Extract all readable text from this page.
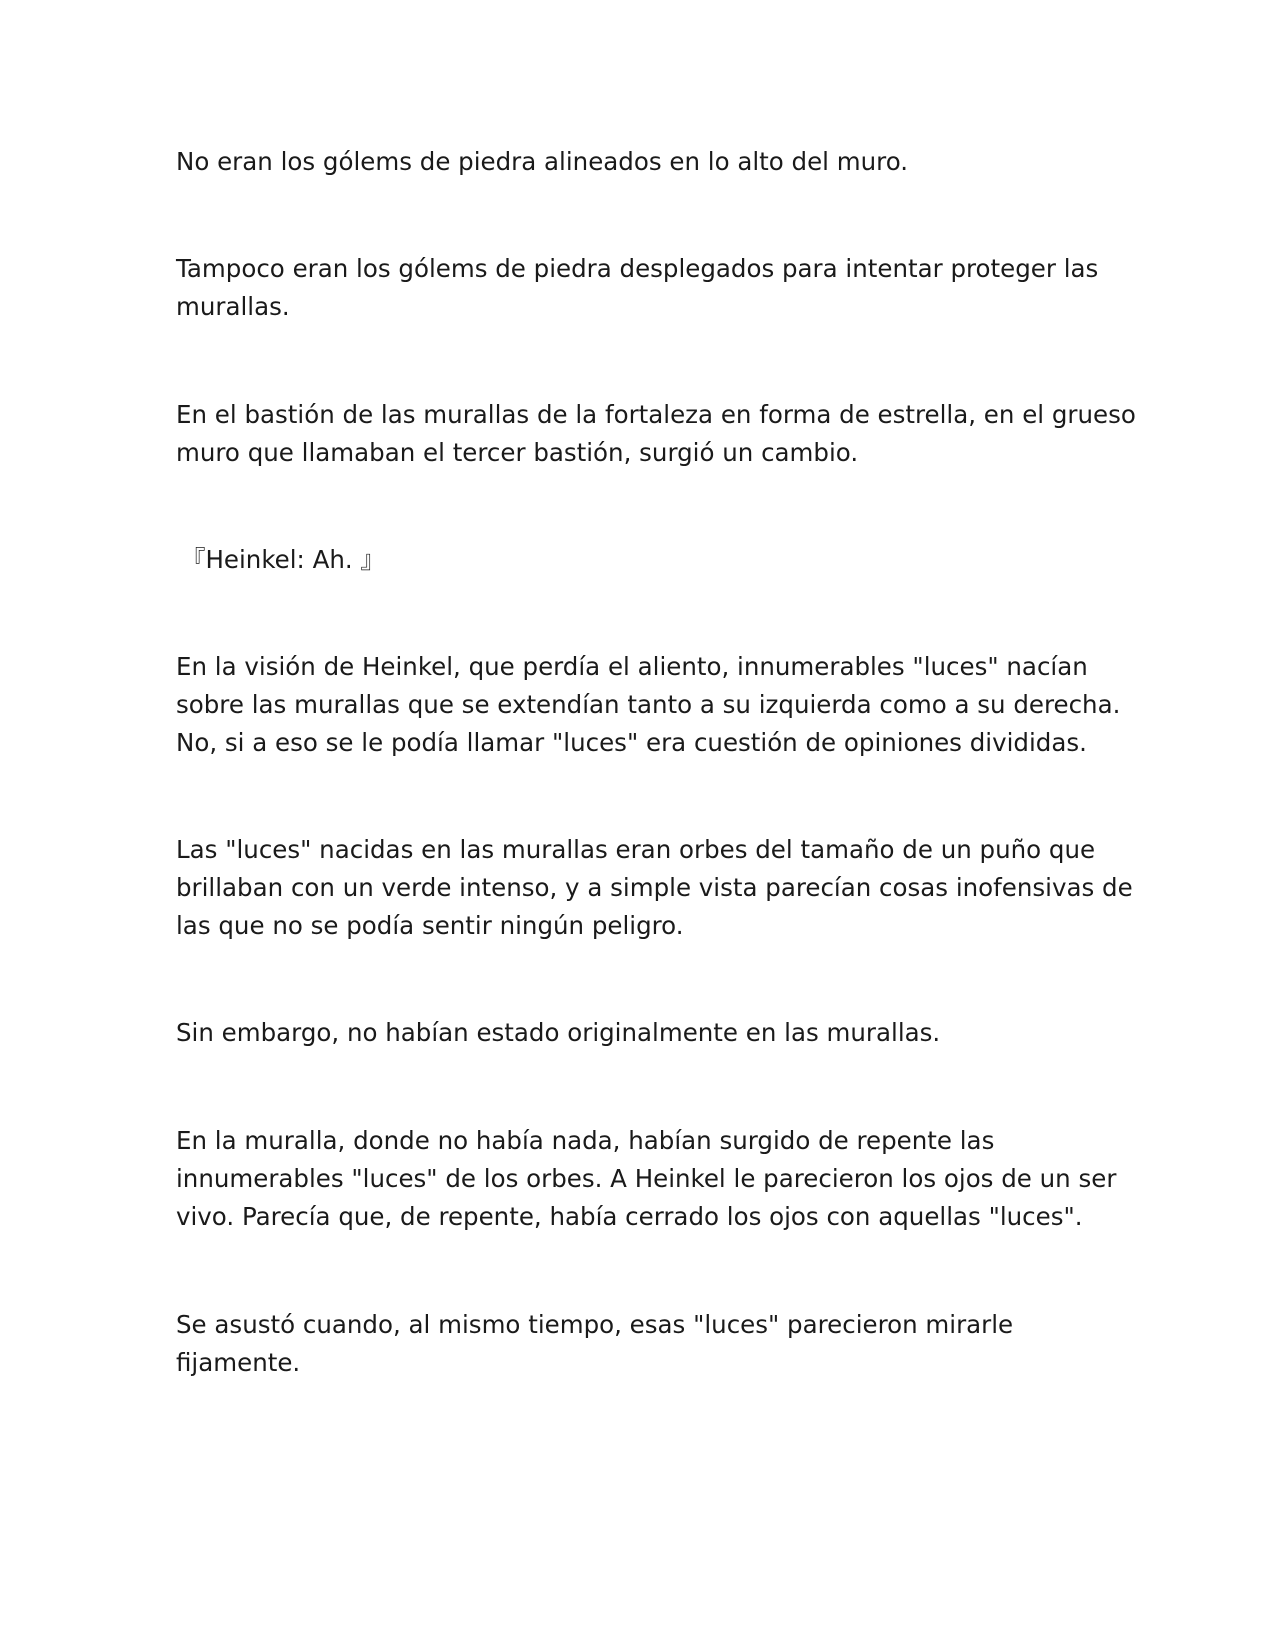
No eran los gólems de piedra alineados en lo alto del muro.

Tampoco eran los gólems de piedra desplegados para intentar proteger las
murallas.

En el bastión de las murallas de la fortaleza en forma de estrella, en el grueso
muro que llamaban el tercer bastión, surgió un cambio.

『Heinkel: Ah. 』

En la visión de Heinkel, que perdía el aliento, innumerables "luces" nacían
sobre las murallas que se extendían tanto a su izquierda como a su derecha.
No, si a eso se le podía llamar "luces" era cuestión de opiniones divididas.

Las "luces" nacidas en las murallas eran orbes del tamaño de un puño que
brillaban con un verde intenso, y a simple vista parecían cosas inofensivas de
las que no se podía sentir ningún peligro.

Sin embargo, no habían estado originalmente en las murallas.

En la muralla, donde no había nada, habían surgido de repente las
innumerables "luces" de los orbes. A Heinkel le parecieron los ojos de un ser
vivo. Parecía que, de repente, había cerrado los ojos con aquellas "luces".

Se asustó cuando, al mismo tiempo, esas "luces" parecieron mirarle
fijamente.
